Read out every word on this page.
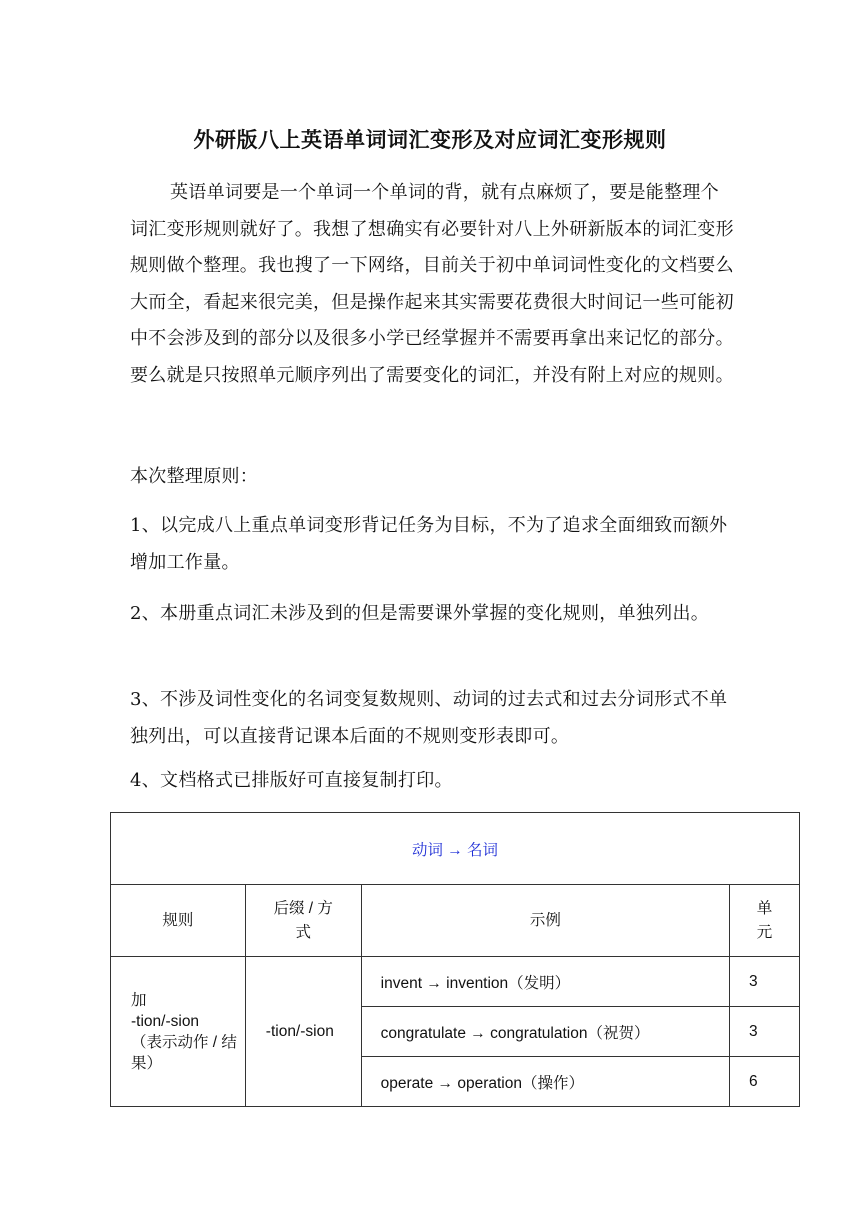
外研版八上英语单词词汇变形及对应词汇变形规则
英语单词要是一个单词一个单词的背，就有点麻烦了，要是能整理个词汇变形规则就好了。我想了想确实有必要针对八上外研新版本的词汇变形规则做个整理。我也搜了一下网络，目前关于初中单词词性变化的文档要么大而全，看起来很完美，但是操作起来其实需要花费很大时间记一些可能初中不会涉及到的部分以及很多小学已经掌握并不需要再拿出来记忆的部分。要么就是只按照单元顺序列出了需要变化的词汇，并没有附上对应的规则。
本次整理原则：
1、以完成八上重点单词变形背记任务为目标，不为了追求全面细致而额外增加工作量。
2、本册重点词汇未涉及到的但是需要课外掌握的变化规则，单独列出。
3、不涉及词性变化的名词变复数规则、动词的过去式和过去分词形式不单独列出，可以直接背记课本后面的不规则变形表即可。
4、文档格式已排版好可直接复制打印。
动词 → 名词			
规则	后缀 / 方式	示例	单元

加
-tion/-sion
（表示动作 / 结果）	-tion/-sion	invent → invention（发明）	3
		congratulate → congratulation（祝贺）	3
		operate → operation（操作）	6
